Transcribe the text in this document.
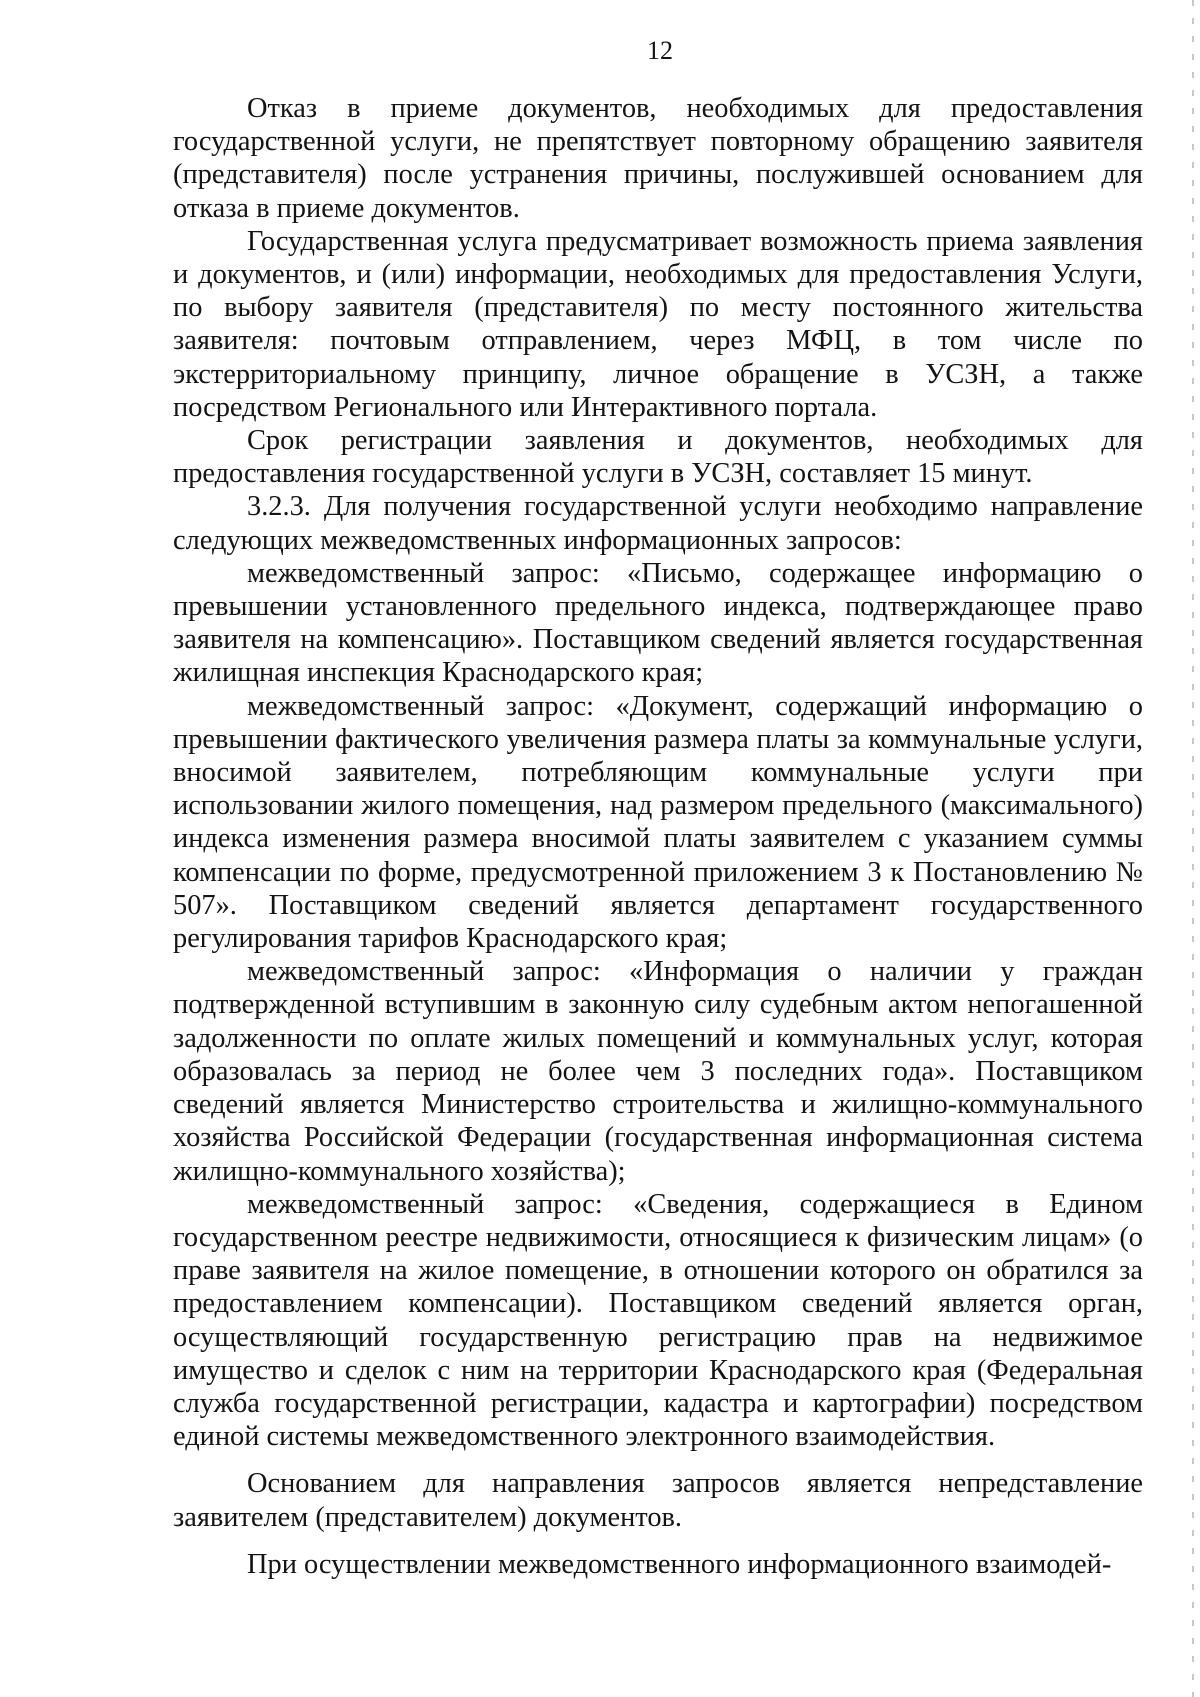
12

Отказ в приеме документов, необходимых для предоставления государственной услуги, не препятствует повторному обращению заявителя (представителя) после устранения причины, послужившей основанием для отказа в приеме документов.

Государственная услуга предусматривает возможность приема заявления и документов, и (или) информации, необходимых для предоставления Услуги, по выбору заявителя (представителя) по месту постоянного жительства заявителя: почтовым отправлением, через МФЦ, в том числе по экстерриториальному принципу, личное обращение в УСЗН, а также посредством Регионального или Интерактивного портала.

Срок регистрации заявления и документов, необходимых для предоставления государственной услуги в УСЗН, составляет 15 минут.

3.2.3. Для получения государственной услуги необходимо направление следующих межведомственных информационных запросов:

межведомственный запрос: «Письмо, содержащее информацию о превышении установленного предельного индекса, подтверждающее право заявителя на компенсацию». Поставщиком сведений является государственная жилищная инспекция Краснодарского края;

межведомственный запрос: «Документ, содержащий информацию о превышении фактического увеличения размера платы за коммунальные услуги, вносимой заявителем, потребляющим коммунальные услуги при использовании жилого помещения, над размером предельного (максимального) индекса изменения размера вносимой платы заявителем с указанием суммы компенсации по форме, предусмотренной приложением 3 к Постановлению № 507». Поставщиком сведений является департамент государственного регулирования тарифов Краснодарского края;

межведомственный запрос: «Информация о наличии у граждан подтвержденной вступившим в законную силу судебным актом непогашенной задолженности по оплате жилых помещений и коммунальных услуг, которая образовалась за период не более чем 3 последних года». Поставщиком сведений является Министерство строительства и жилищно-коммунального хозяйства Российской Федерации (государственная информационная система жилищно-коммунального хозяйства);

межведомственный запрос: «Сведения, содержащиеся в Едином государственном реестре недвижимости, относящиеся к физическим лицам» (о праве заявителя на жилое помещение, в отношении которого он обратился за предоставлением компенсации). Поставщиком сведений является орган, осуществляющий государственную регистрацию прав на недвижимое имущество и сделок с ним на территории Краснодарского края (Федеральная служба государственной регистрации, кадастра и картографии) посредством единой системы межведомственного электронного взаимодействия.

Основанием для направления запросов является непредставление заявителем (представителем) документов.

При осуществлении межведомственного информационного взаимодей-
